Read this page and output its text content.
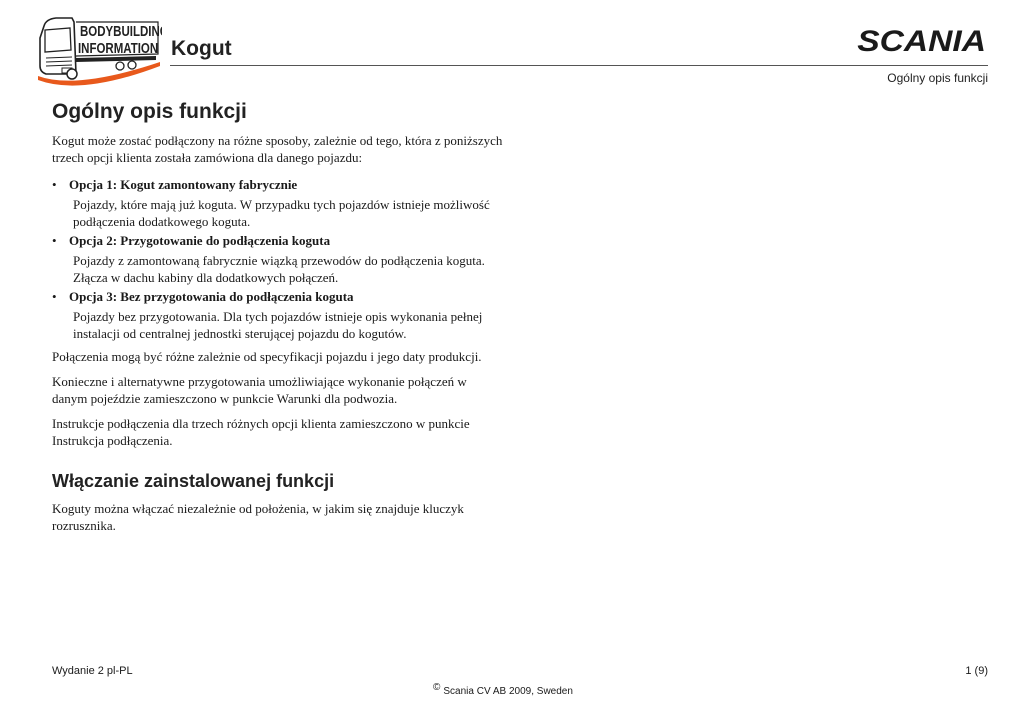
BODYBUILDING
INFORMATION Kogut	SCANIA
Ogólny opis funkcji
Ogólny opis funkcji

Kogut może zostać podłączony na różne sposoby, zależnie od tego, która z poniższych trzech opcji klienta została zamówiona dla danego pojazdu:

• Opcja 1: Kogut zamontowany fabrycznie
Pojazdy, które mają już koguta. W przypadku tych pojazdów istnieje możliwość podłączenia dodatkowego koguta.
• Opcja 2: Przygotowanie do podłączenia koguta
Pojazdy z zamontowaną fabrycznie wiązką przewodów do podłączenia koguta. Złącza w dachu kabiny dla dodatkowych połączeń.
• Opcja 3: Bez przygotowania do podłączenia koguta
Pojazdy bez przygotowania. Dla tych pojazdów istnieje opis wykonania pełnej instalacji od centralnej jednostki sterującej pojazdu do kogutów.

Połączenia mogą być różne zależnie od specyfikacji pojazdu i jego daty produkcji.

Konieczne i alternatywne przygotowania umożliwiające wykonanie połączeń w danym pojeździe zamieszczono w punkcie Warunki dla podwozia.

Instrukcje podłączenia dla trzech różnych opcji klienta zamieszczono w punkcie Instrukcja podłączenia.

Włączanie zainstalowanej funkcji

Koguty można włączać niezależnie od położenia, w jakim się znajduje kluczyk rozrusznika.

Wydanie 2 pl-PL	1 (9)
© Scania CV AB 2009, Sweden
